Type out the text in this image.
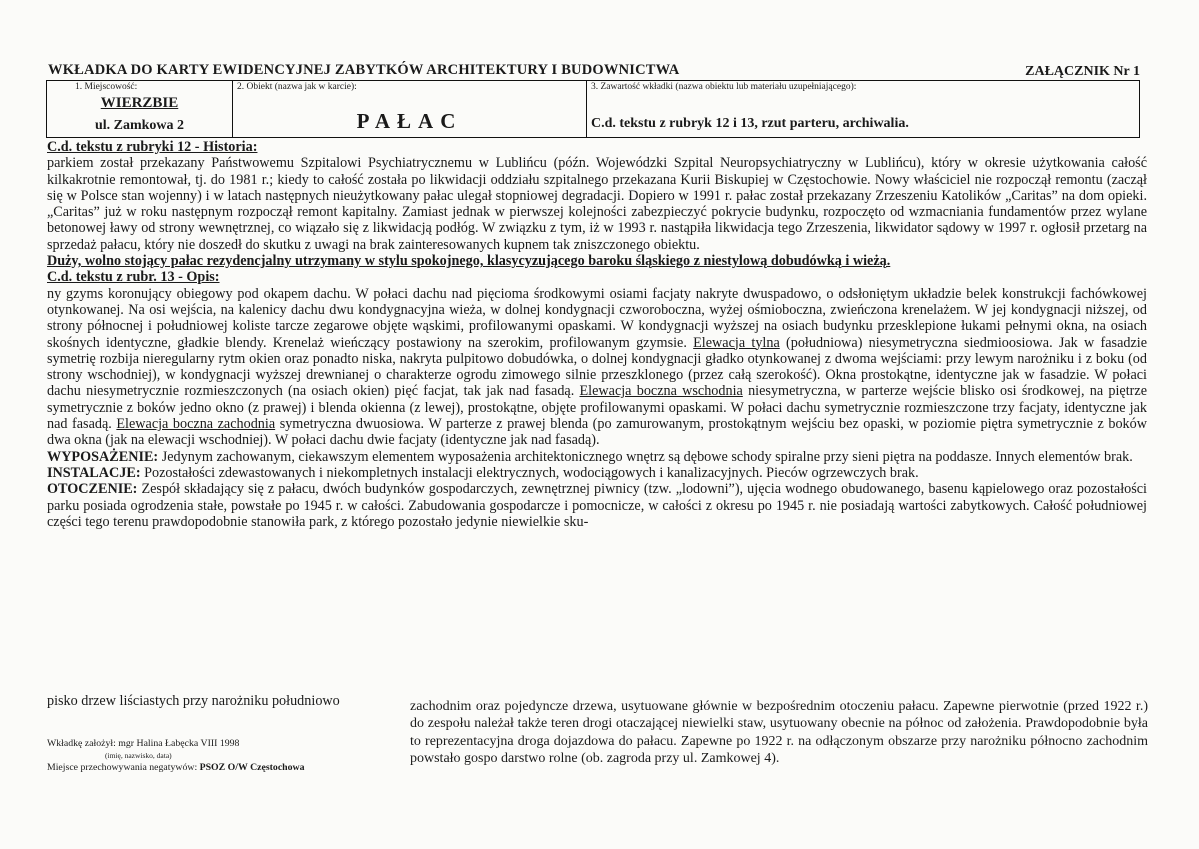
WKŁADKA DO KARTY EWIDENCYJNEJ ZABYTKÓW ARCHITEKTURY I BUDOWNICTWA	ZAŁĄCZNIK Nr 1
1. Miejscowość:
WIERZBIE
ul. Zamkowa 2
2. Obiekt (nazwa jak w karcie):
PAŁAC
3. Zawartość wkładki (nazwa obiektu lub materiału uzupełniającego):
C.d. tekstu z rubryk 12 i 13, rzut parteru, archiwalia.

C.d. tekstu z rubryki 12 - Historia:

parkiem został przekazany Państwowemu Szpitalowi Psychiatrycznemu w Lublińcu (późn. Wojewódzki Szpital Neuropsychiatryczny w Lublińcu), który w okresie użytkowania całość kilkakrotnie remontował, tj. do 1981 r.; kiedy to całość została po likwidacji oddziału szpitalnego przekazana Kurii Biskupiej w Częstochowie. Nowy właściciel nie rozpoczął remontu (zaczął się w Polsce stan wojenny) i w latach następnych nieużytkowany pałac ulegał stopniowej degradacji. Dopiero w 1991 r. pałac został przekazany Zrzeszeniu Katolików „Caritas” na dom opieki. „Caritas” już w roku następnym rozpoczął remont kapitalny. Zamiast jednak w pierwszej kolejności zabezpieczyć pokrycie budynku, rozpoczęto od wzmacniania fundamentów przez wylane betonowej ławy od strony wewnętrznej, co wiązało się z likwidacją podłóg. W związku z tym, iż w 1993 r. nastąpiła likwidacja tego Zrzeszenia, likwidator sądowy w 1997 r. ogłosił przetarg na sprzedaż pałacu, który nie doszedł do skutku z uwagi na brak zainteresowanych kupnem tak zniszczonego obiektu.

Duży, wolno stojący pałac rezydencjalny utrzymany w stylu spokojnego, klasycyzującego baroku śląskiego z niestylową dobudówką i wieżą.

C.d. tekstu z rubr. 13 - Opis:

ny gzyms koronujący obiegowy pod okapem dachu. W połaci dachu nad pięcioma środkowymi osiami facjaty nakryte dwuspadowo, o odsłoniętym układzie belek konstrukcji fachówkowej otynkowanej. Na osi wejścia, na kalenicy dachu dwu kondygnacyjna wieża, w dolnej kondygnacji czworoboczna, wyżej ośmioboczna, zwieńczona krenelażem. W jej kondygnacji niższej, od strony północnej i południowej koliste tarcze zegarowe objęte wąskimi, profilowanymi opaskami. W kondygnacji wyższej na osiach budynku przesklepione łukami pełnymi okna, na osiach skośnych identyczne, gładkie blendy. Krenelaż wieńczący postawiony na szerokim, profilowanym gzymsie. Elewacja tylna (południowa) niesymetryczna siedmioosiowa. Jak w fasadzie symetrię rozbija nieregularny rytm okien oraz ponadto niska, nakryta pulpitowo dobudówka, o dolnej kondygnacji gładko otynkowanej z dwoma wejściami: przy lewym narożniku i z boku (od strony wschodniej), w kondygnacji wyższej drewnianej o charakterze ogrodu zimowego silnie przeszklonego (przez całą szerokość). Okna prostokątne, identyczne jak w fasadzie. W połaci dachu niesymetrycznie rozmieszczonych (na osiach okien) pięć facjat, tak jak nad fasadą. Elewacja boczna wschodnia niesymetryczna, w parterze wejście blisko osi środkowej, na piętrze symetrycznie z boków jedno okno (z prawej) i blenda okienna (z lewej), prostokątne, objęte profilowanymi opaskami. W połaci dachu symetrycznie rozmieszczone trzy facjaty, identyczne jak nad fasadą. Elewacja boczna zachodnia symetryczna dwuosiowa. W parterze z prawej blenda (po zamurowanym, prostokątnym wejściu bez opaski, w poziomie piętra symetrycznie z boków dwa okna (jak na elewacji wschodniej). W połaci dachu dwie facjaty (identyczne jak nad fasadą).

WYPOSAŻENIE: Jedynym zachowanym, ciekawszym elementem wyposażenia architektonicznego wnętrz są dębowe schody spiralne przy sieni piętra na poddasze. Innych elementów brak.

INSTALACJE: Pozostałości zdewastowanych i niekompletnych instalacji elektrycznych, wodociągowych i kanalizacyjnych. Pieców ogrzewczych brak.

OTOCZENIE: Zespół składający się z pałacu, dwóch budynków gospodarczych, zewnętrznej piwnicy (tzw. „lodowni”), ujęcia wodnego obudowanego, basenu kąpielowego oraz pozostałości parku posiada ogrodzenia stałe, powstałe po 1945 r. w całości. Zabudowania gospodarcze i pomocnicze, w całości z okresu po 1945 r. nie posiadają wartości zabytkowych. Całość południowej części tego terenu prawdopodobnie stanowiła park, z którego pozostało jedynie niewielkie sku-

pisko drzew liściastych przy narożniku południowo	zachodnim oraz pojedyncze drzewa, usytuowane głównie w bezpośrednim otoczeniu pałacu. Zapewne pierwotnie (przed 1922 r.) do zespołu należał także teren drogi otaczającej niewielki staw, usytuowany obecnie na północ od założenia. Prawdopodobnie była to reprezentacyjna droga dojazdowa do pałacu. Zapewne po 1922 r. na odłączonym obszarze przy narożniku północno zachodnim powstało gospo darstwo rolne (ob. zagroda przy ul. Zamkowej 4).
Wkładkę założył: mgr Halina Łabęcka VIII 1998
(imię, nazwisko, data)
Miejsce przechowywania negatywów: PSOZ O/W Częstochowa
